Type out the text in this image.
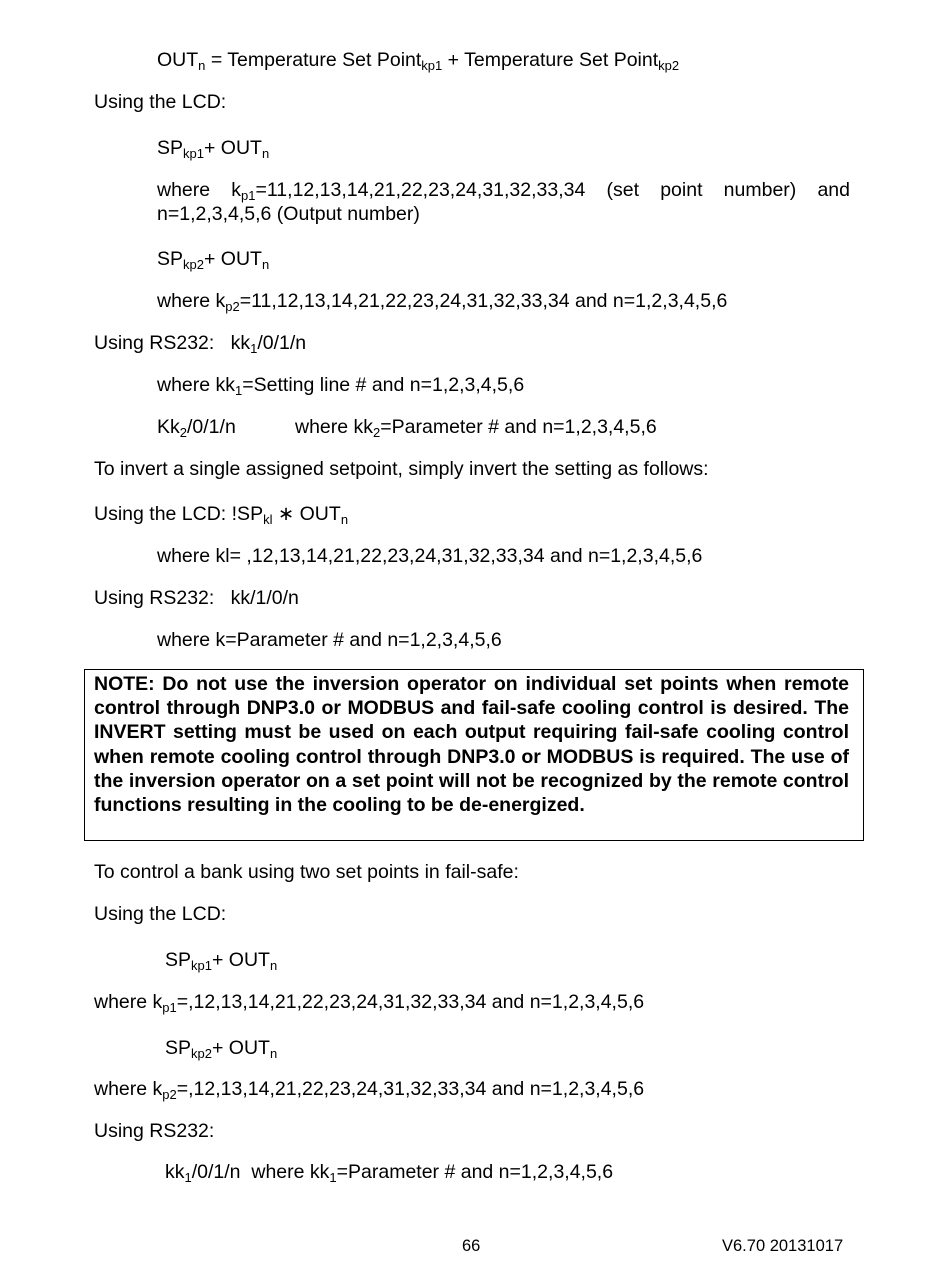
$OUT_n$ = Temperature Set Point$_{kp1}$ + Temperature Set Point$_{kp2}$
Using the LCD:
$SP_{kp1}+ OUT_n$
where $k_{p1}=11,12,13,14,21,22,23,24,31,32,33,34$ (set point number) and n=1,2,3,4,5,6 (Output number)
$SP_{kp2}+ OUT_n$
where $k_{p2}=11,12,13,14,21,22,23,24,31,32,33,34$ and n=1,2,3,4,5,6
Using RS232:   $kk_1/0/1/n$
where $kk_1=Setting$ line # and n=1,2,3,4,5,6
$Kk_2/0/1/n$	where $kk_2=Parameter$ # and n=1,2,3,4,5,6
To invert a single assigned setpoint, simply invert the setting as follows:
Using the LCD: $!SP_{kl}$ ∗ $OUT_n$
where kl= ,12,13,14,21,22,23,24,31,32,33,34 and n=1,2,3,4,5,6
Using RS232:   kk/1/0/n
where k=Parameter # and n=1,2,3,4,5,6

NOTE: Do not use the inversion operator on individual set points when remote control through DNP3.0 or MODBUS and fail-safe cooling control is desired. The INVERT setting must be used on each output requiring fail-safe cooling control when remote cooling control through DNP3.0 or MODBUS is required. The use of the inversion operator on a set point will not be recognized by the remote control functions resulting in the cooling to be de-energized.

To control a bank using two set points in fail-safe:
Using the LCD:
$SP_{kp1}+ OUT_n$
where $k_{p1}=,12,13,14,21,22,23,24,31,32,33,34$ and n=1,2,3,4,5,6
$SP_{kp2}+ OUT_n$
where $k_{p2}=,12,13,14,21,22,23,24,31,32,33,34$ and n=1,2,3,4,5,6
Using RS232:
$kk_1/0/1/n$  where $kk_1=Parameter$ # and n=1,2,3,4,5,6
66	V6.70 20131017
